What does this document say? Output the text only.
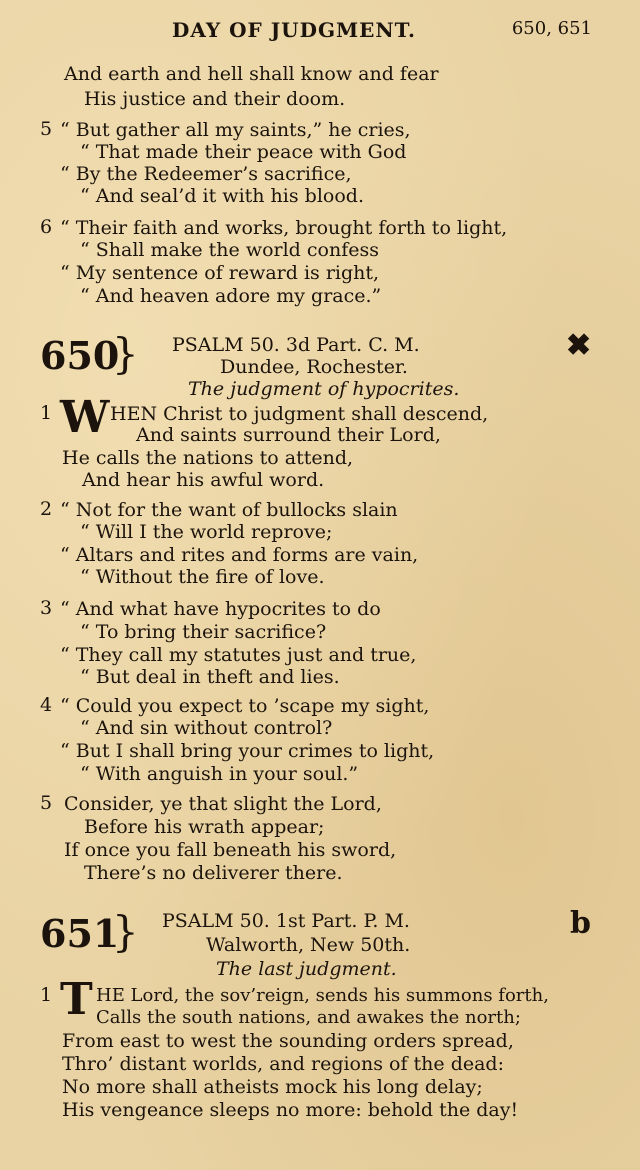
DAY OF JUDGMENT.	650, 651
And earth and hell shall know and fear
His justice and their doom.
5 “ But gather all my saints,” he cries,
“ That made their peace with God
“ By the Redeemer’s sacrifice,
“ And seal’d it with his blood.
6 “ Their faith and works, brought forth to light,
“ Shall make the world confess
“ My sentence of reward is right,
“ And heaven adore my grace.”
650
} PSALM 50. 3d Part. C. M.	✖
Dundee, Rochester.
The judgment of hypocrites.
1 W HEN Christ to judgment shall descend,
And saints surround their Lord,
He calls the nations to attend,
And hear his awful word.
2 “ Not for the want of bullocks slain
“ Will I the world reprove;
“ Altars and rites and forms are vain,
“ Without the fire of love.
3 “ And what have hypocrites to do
“ To bring their sacrifice?
“ They call my statutes just and true,
“ But deal in theft and lies.
4 “ Could you expect to ’scape my sight,
“ And sin without control?
“ But I shall bring your crimes to light,
“ With anguish in your soul.”
5 Consider, ye that slight the Lord,
Before his wrath appear;
If once you fall beneath his sword,
There’s no deliverer there.
651
} PSALM 50. 1st Part. P. M.	b
Walworth, New 50th.
The last judgment.
1 T HE Lord, the sov’reign, sends his summons forth,
Calls the south nations, and awakes the north;
From east to west the sounding orders spread,
Thro’ distant worlds, and regions of the dead:
No more shall atheists mock his long delay;
His vengeance sleeps no more: behold the day!
